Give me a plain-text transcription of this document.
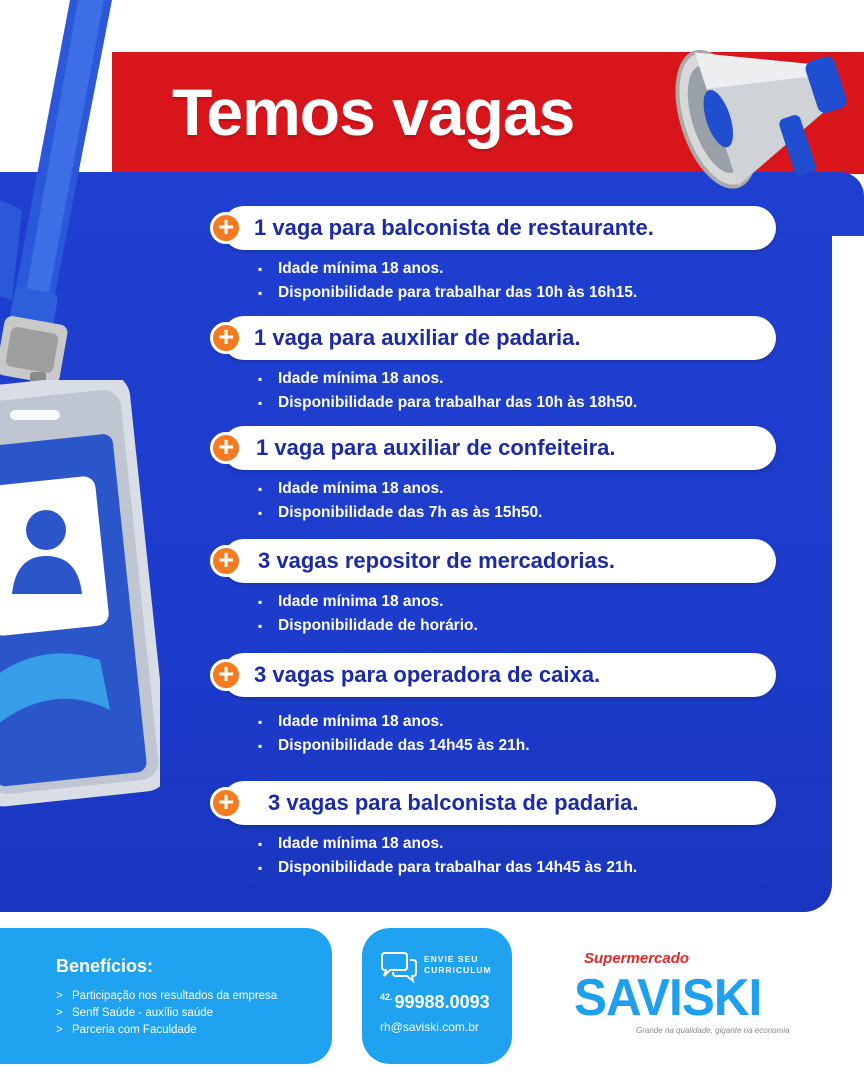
Temos vagas
+ 1 vaga para balconista de restaurante.
▪ Idade mínima 18 anos.
▪ Disponibilidade para trabalhar das 10h às 16h15.
+ 1 vaga para auxiliar de padaria.
▪ Idade mínima 18 anos.
▪ Disponibilidade para trabalhar das 10h às 18h50.
+ 1 vaga para auxiliar de confeiteira.
▪ Idade mínima 18 anos.
▪ Disponibilidade das 7h as às 15h50.
+	3 vagas repositor de mercadorias.
▪ Idade mínima 18 anos.
▪ Disponibilidade de horário.
+ 3 vagas para operadora de caixa.
▪ Idade mínima 18 anos.
▪ Disponibilidade das 14h45 às 21h.
+	3 vagas para balconista de padaria.
▪ Idade mínima 18 anos.
▪ Disponibilidade para trabalhar das 14h45 às 21h.
Benefícios:
> Participação nos resultados da empresa
> Senff Saúde - auxílio saúde
> Parceria com Faculdade
ENVIE SEU
CURRICULUM
$^{42.}$ 99988.0093
rh@saviski.com.br
Supermercado
SAVISKI
Grande na qualidade, gigante na economia
